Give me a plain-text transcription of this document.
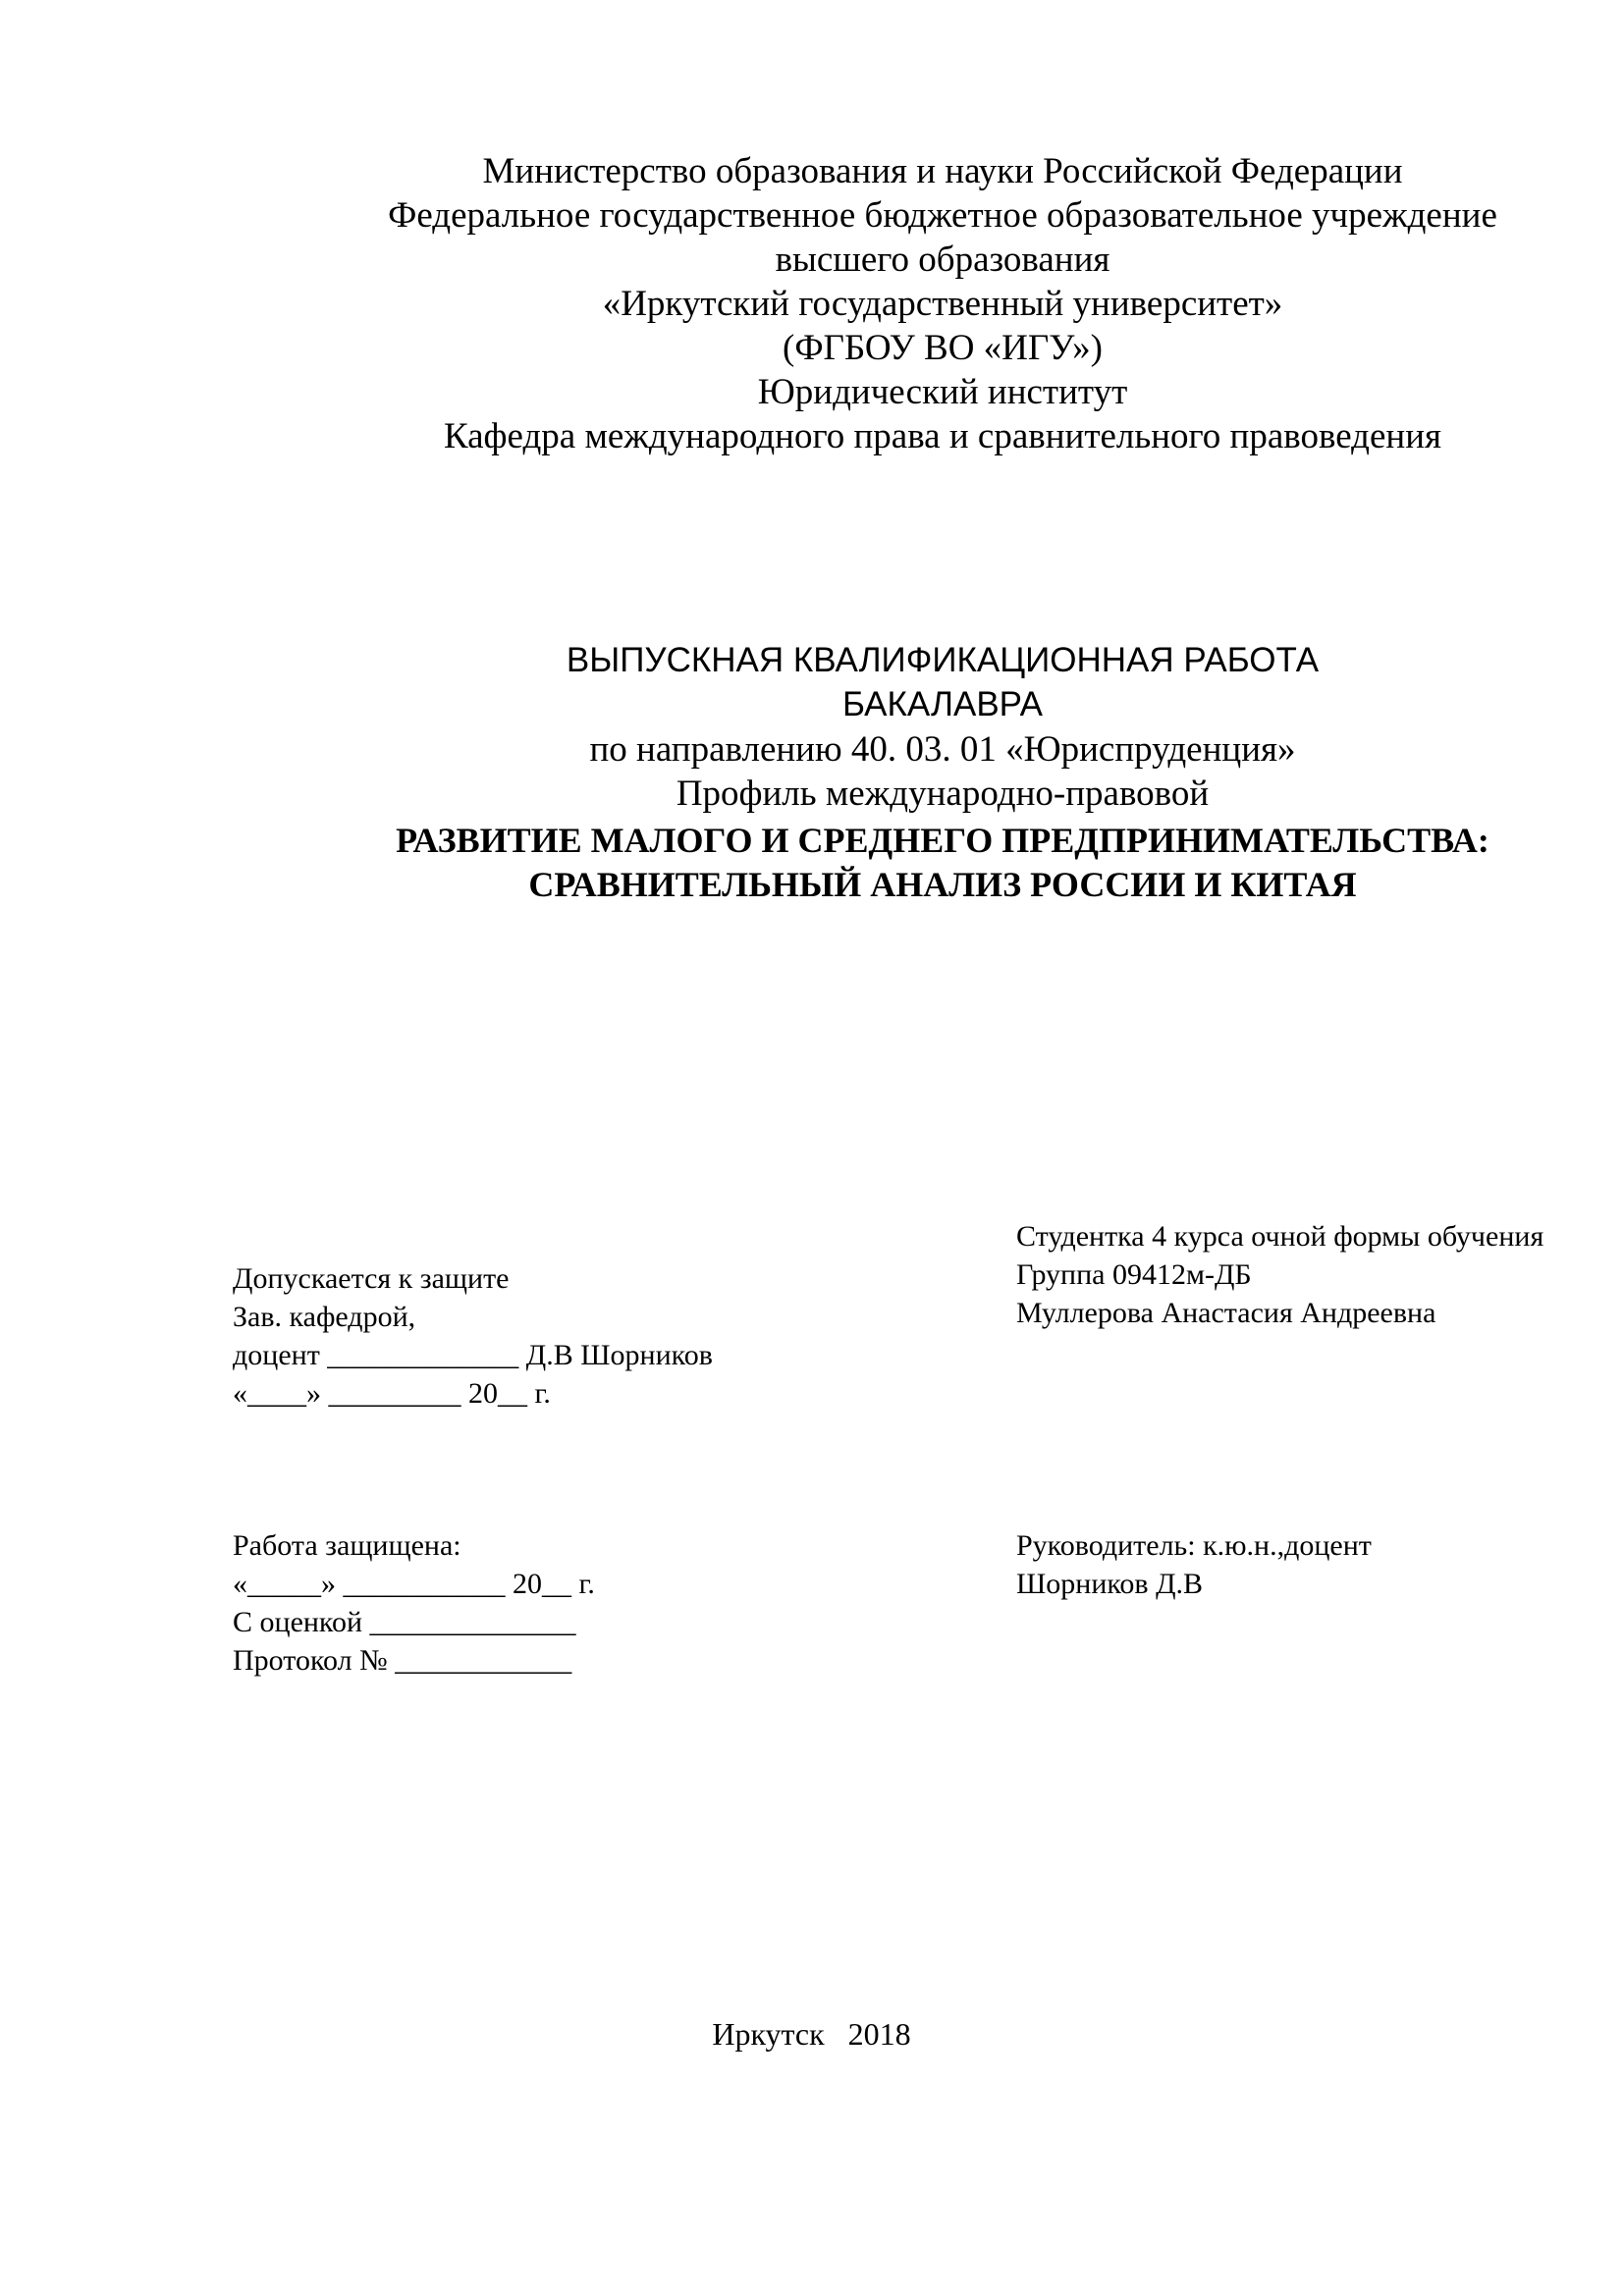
Министерство образования и науки Российской Федерации
Федеральное государственное бюджетное образовательное учреждение
высшего образования
«Иркутский государственный университет»
(ФГБОУ ВО «ИГУ»)
Юридический институт
Кафедра международного права и сравнительного правоведения
ВЫПУСКНАЯ КВАЛИФИКАЦИОННАЯ РАБОТА
БАКАЛАВРА
по направлению 40. 03. 01 «Юриспруденция»
Профиль международно-правовой
РАЗВИТИЕ МАЛОГО И СРЕДНЕГО ПРЕДПРИНИМАТЕЛЬСТВА:
СРАВНИТЕЛЬНЫЙ АНАЛИЗ РОССИИ И КИТАЯ
Допускается к защите
Зав. кафедрой,
доцент _____________ Д.В Шорников
«____» _________ 20__ г.
Студентка 4 курса очной формы обучения
Группа 09412м-ДБ
Муллерова Анастасия Андреевна
Работа защищена:
«_____» ___________ 20__ г.
С оценкой ______________
Протокол № ____________
Руководитель: к.ю.н.,доцент
Шорников Д.В
Иркутск   2018
